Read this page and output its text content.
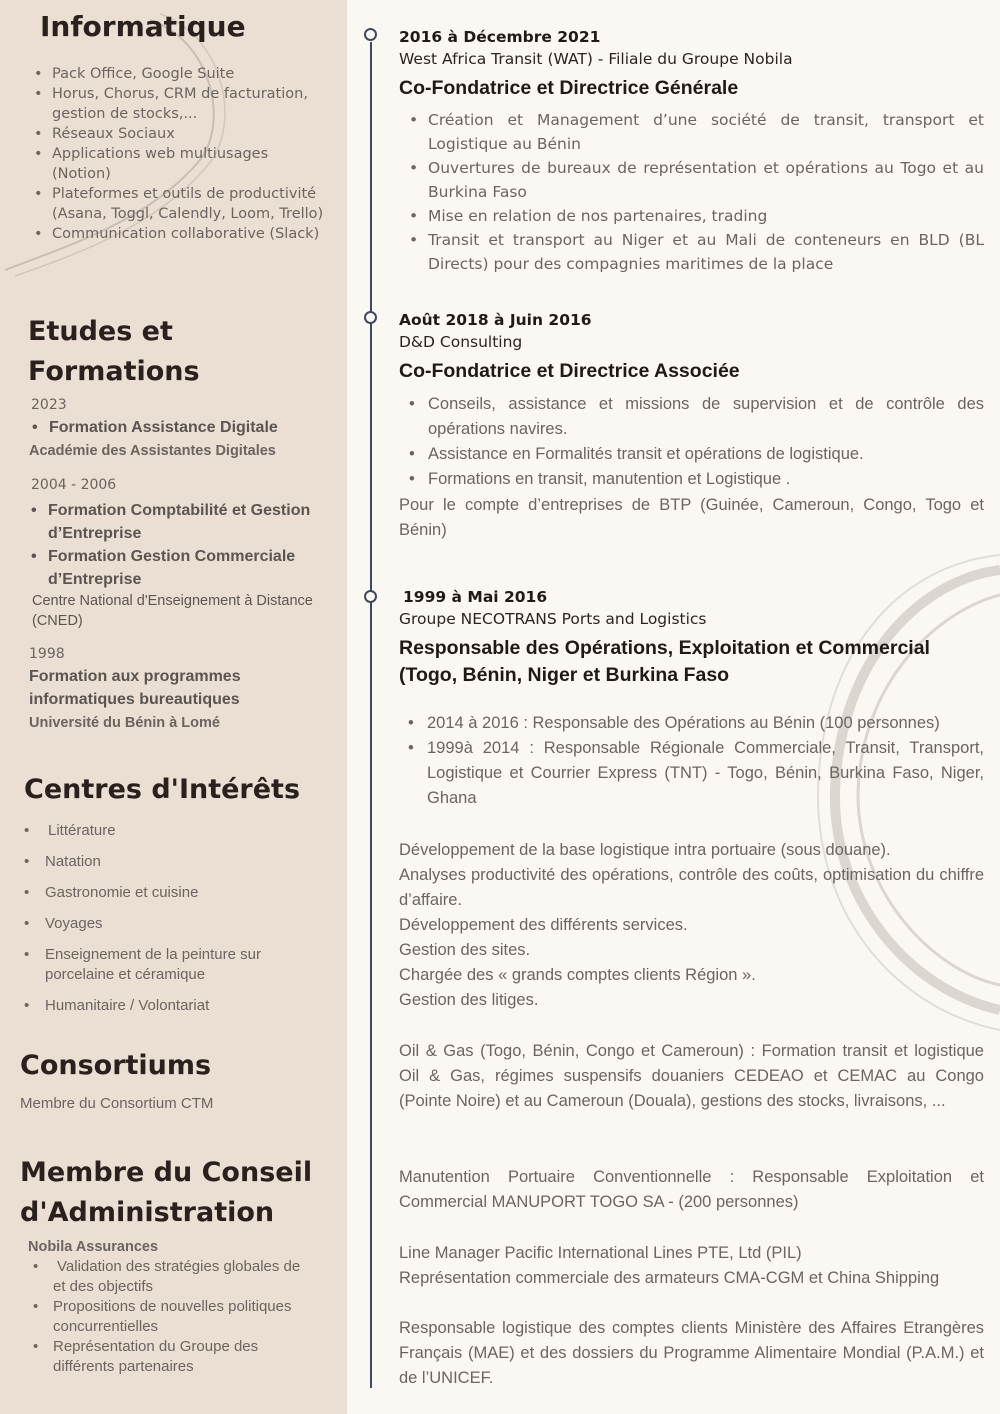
Informatique
• Pack Office, Google Suite
• Horus, Chorus, CRM de facturation, gestion de stocks,...
• Réseaux Sociaux
• Applications web multiusages (Notion)
• Plateformes et outils de productivité (Asana, Toggl, Calendly, Loom, Trello)
• Communication collaborative (Slack)
Etudes et
Formations
2023
• Formation Assistance Digitale
Académie des Assistantes Digitales
2004 - 2006
• Formation Comptabilité et Gestion d’Entreprise
• Formation Gestion Commerciale d’Entreprise
Centre National d'Enseignement à Distance (CNED)
1998
Formation aux programmes informatiques bureautiques
Université du Bénin à Lomé
Centres d'Intérêts
• Littérature
• Natation
• Gastronomie et cuisine
• Voyages
• Enseignement de la peinture sur porcelaine et céramique
• Humanitaire / Volontariat
Consortiums
Membre du Consortium CTM
Membre du Conseil
d'Administration
Nobila Assurances
• Validation des stratégies globales de et des objectifs
• Propositions de nouvelles politiques concurrentielles
• Représentation du Groupe des différents partenaires
2016 à Décembre 2021
West Africa Transit (WAT) - Filiale du Groupe Nobila
Co-Fondatrice et Directrice Générale
• Création et Management d’une société de transit, transport et Logistique au Bénin
• Ouvertures de bureaux de représentation et opérations au Togo et au Burkina Faso
• Mise en relation de nos partenaires, trading
• Transit et transport au Niger et au Mali de conteneurs en BLD (BL Directs) pour des compagnies maritimes de la place
Août 2018 à Juin 2016
D&D Consulting
Co-Fondatrice et Directrice Associée
• Conseils, assistance et missions de supervision et de contrôle des opérations navires.
• Assistance en Formalités transit et opérations de logistique.
• Formations en transit, manutention et Logistique .

Pour le compte d’entreprises de BTP (Guinée, Cameroun, Congo, Togo et Bénin)

1999 à Mai 2016
Groupe NECOTRANS Ports and Logistics
Responsable des Opérations, Exploitation et Commercial
(Togo, Bénin, Niger et Burkina Faso
• 2014 à 2016 : Responsable des Opérations au Bénin (100 personnes)
• 1999à 2014 : Responsable Régionale Commerciale, Transit, Transport, Logistique et Courrier Express (TNT) - Togo, Bénin, Burkina Faso, Niger, Ghana

Développement de la base logistique intra portuaire (sous douane).

Analyses productivité des opérations, contrôle des coûts, optimisation du chiffre d’affaire.

Développement des différents services.

Gestion des sites.

Chargée des « grands comptes clients Région ».

Gestion des litiges.

Oil & Gas (Togo, Bénin, Congo et Cameroun) : Formation transit et logistique Oil & Gas, régimes suspensifs douaniers CEDEAO et CEMAC au Congo (Pointe Noire) et au Cameroun (Douala), gestions des stocks, livraisons, ...

Manutention Portuaire Conventionnelle : Responsable Exploitation et Commercial MANUPORT TOGO SA - (200 personnes)

Line Manager Pacific International Lines PTE, Ltd (PIL)

Représentation commerciale des armateurs CMA-CGM et China Shipping

Responsable logistique des comptes clients Ministère des Affaires Etrangères Français (MAE) et des dossiers du Programme Alimentaire Mondial (P.A.M.) et de l’UNICEF.
